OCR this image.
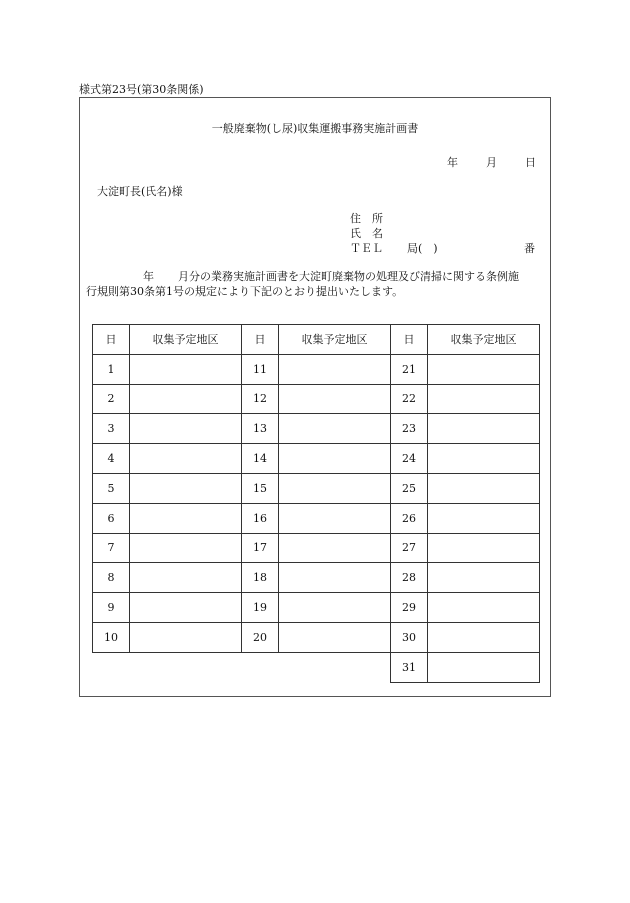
様式第23号(第30条関係)
一般廃棄物(し尿)収集運搬事務実施計画書
年	月	日
大淀町長(氏名)様
住　所
氏　名
ＴＥＬ 局(　)	番
年 月分の業務実施計画書を大淀町廃棄物の処理及び清掃に関する条例施
行規則第30条第1号の規定により下記のとおり提出いたします。
日	収集予定地区	日	収集予定地区	日	収集予定地区
1		11		21	
2		12		22	
3		13		23	
4		14		24	
5		15		25	
6		16		26	
7		17		27	
8		18		28	
9		19		29	
10		20		30	
				31	
